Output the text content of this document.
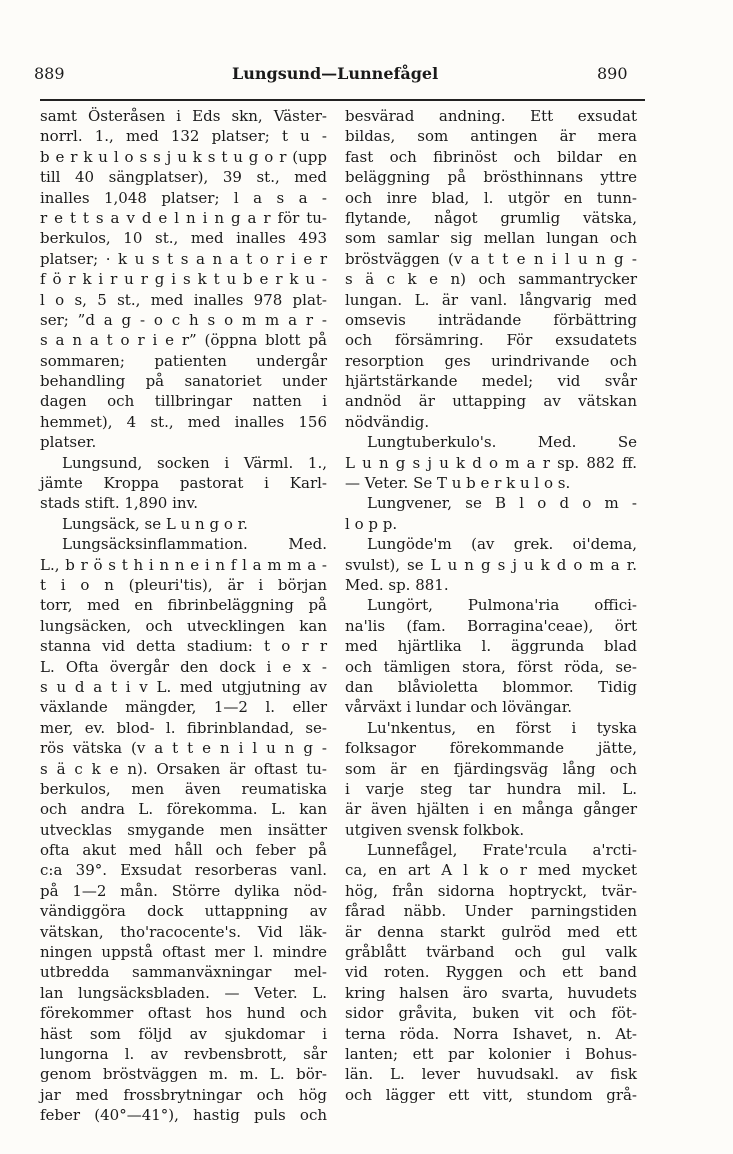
889	Lungsund—Lunnefågel	890
samt Österåsen i Eds skn, Väster-
norrl. 1., med 132 platser; t u -
b e r k u l o s s j u k s t u g o r (upp
till 40 sängplatser), 39 st., med
inalles 1,048 platser; l a s a -
r e t t s a v d e l n i n g a r för tu-
berkulos, 10 st., med inalles 493
platser; · k u s t s a n a t o r i e r
f ö r k i r u r g i s k t u b e r k u -
l o s, 5 st., med inalles 978 plat-
ser; ”d a g - o c h s o m m a r -
s a n a t o r i e r” (öppna blott på
sommaren; patienten undergår
behandling på sanatoriet under
dagen och tillbringar natten i
hemmet), 4 st., med inalles 156
platser.
Lungsund, socken i Värml. 1.,
jämte Kroppa pastorat i Karl-
stads stift. 1,890 inv.
Lungsäck, se L u n g o r.
Lungsäcksinflammation. Med.
L., b r ö s t h i n n e i n f l a m m a -
t i o n (pleuri'tis), är i början
torr, med en fibrinbeläggning på
lungsäcken, och utvecklingen kan
stanna vid detta stadium: t o r r
L. Ofta övergår den dock i e x -
s u d a t i v L. med utgjutning av
växlande mängder, 1—2 l. eller
mer, ev. blod- l. fibrinblandad, se-
rös vätska (v a t t e n i l u n g -
s ä c k e n). Orsaken är oftast tu-
berkulos, men även reumatiska
och andra L. förekomma. L. kan
utvecklas smygande men insätter
ofta akut med håll och feber på
c:a 39°. Exsudat resorberas vanl.
på 1—2 mån. Större dylika nöd-
vändiggöra dock uttappning av
vätskan, tho'racocente's. Vid läk-
ningen uppstå oftast mer l. mindre
utbredda sammanväxningar mel-
lan lungsäcksbladen. — Veter. L.
förekommer oftast hos hund och
häst som följd av sjukdomar i
lungorna l. av revbensbrott, sår
genom bröstväggen m. m. L. bör-
jar med frossbrytningar och hög
feber (40°—41°), hastig puls och
besvärad andning. Ett exsudat
bildas, som antingen är mera
fast och fibrinöst och bildar en
beläggning på brösthinnans yttre
och inre blad, l. utgör en tunn-
flytande, något grumlig vätska,
som samlar sig mellan lungan och
bröstväggen (v a t t e n i l u n g -
s ä c k e n) och sammantrycker
lungan. L. är vanl. långvarig med
omsevis inträdande förbättring
och försämring. För exsudatets
resorption ges urindrivande och
hjärtstärkande medel; vid svår
andnöd är uttapping av vätskan
nödvändig.
Lungtuberkulo's. Med. Se
L u n g s j u k d o m a r sp. 882 ff.
— Veter. Se T u b e r k u l o s.
Lungvener, se B l o d o m -
l o p p.
Lungöde'm (av grek. oi'dema,
svulst), se L u n g s j u k d o m a r.
Med. sp. 881.
Lungört, Pulmona'ria offici-
na'lis (fam. Borragina'ceae), ört
med hjärtlika l. äggrunda blad
och tämligen stora, först röda, se-
dan blåvioletta blommor. Tidig
vårväxt i lundar och lövängar.
Lu'nkentus, en först i tyska
folksagor förekommande jätte,
som är en fjärdingsväg lång och
i varje steg tar hundra mil. L.
är även hjälten i en många gånger
utgiven svensk folkbok.
Lunnefågel, Frate'rcula a'rcti-
ca, en art A l k o r med mycket
hög, från sidorna hoptryckt, tvär-
fårad näbb. Under parningstiden
är denna starkt gulröd med ett
gråblått tvärband och gul valk
vid roten. Ryggen och ett band
kring halsen äro svarta, huvudets
sidor gråvita, buken vit och föt-
terna röda. Norra Ishavet, n. At-
lanten; ett par kolonier i Bohus-
län. L. lever huvudsakl. av fisk
och lägger ett vitt, stundom grå-
